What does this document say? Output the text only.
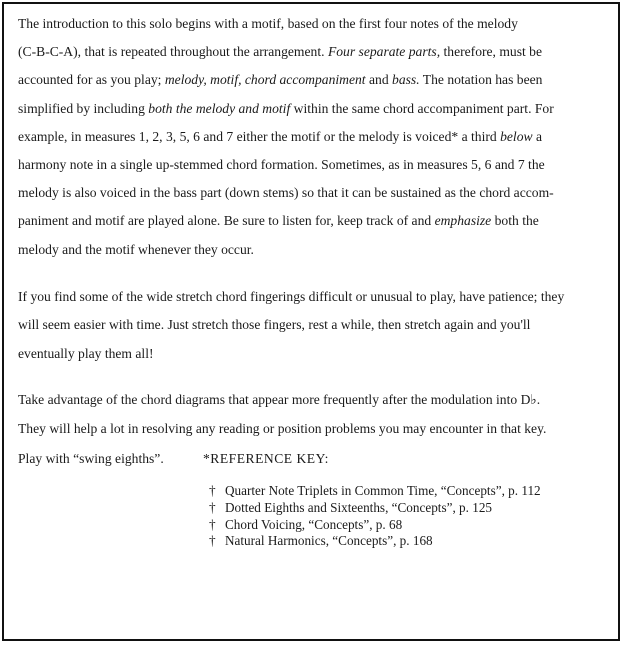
The introduction to this solo begins with a motif, based on the first four notes of the melody
(C-B-C-A), that is repeated throughout the arrangement. Four separate parts, therefore, must be
accounted for as you play; melody, motif, chord accompaniment and bass. The notation has been
simplified by including both the melody and motif within the same chord accompaniment part. For
example, in measures 1, 2, 3, 5, 6 and 7 either the motif or the melody is voiced* a third below a
harmony note in a single up-stemmed chord formation. Sometimes, as in measures 5, 6 and 7 the
melody is also voiced in the bass part (down stems) so that it can be sustained as the chord accom-
paniment and motif are played alone. Be sure to listen for, keep track of and emphasize both the
melody and the motif whenever they occur.

If you find some of the wide stretch chord fingerings difficult or unusual to play, have patience; they
will seem easier with time. Just stretch those fingers, rest a while, then stretch again and you'll
eventually play them all!

Take advantage of the chord diagrams that appear more frequently after the modulation into D♭.
They will help a lot in resolving any reading or position problems you may encounter in that key.

Play with “swing eighths”.	*REFERENCE KEY:
† Quarter Note Triplets in Common Time, “Concepts”, p. 112
† Dotted Eighths and Sixteenths, “Concepts”, p. 125
† Chord Voicing, “Concepts”, p. 68
† Natural Harmonics, “Concepts”, p. 168
